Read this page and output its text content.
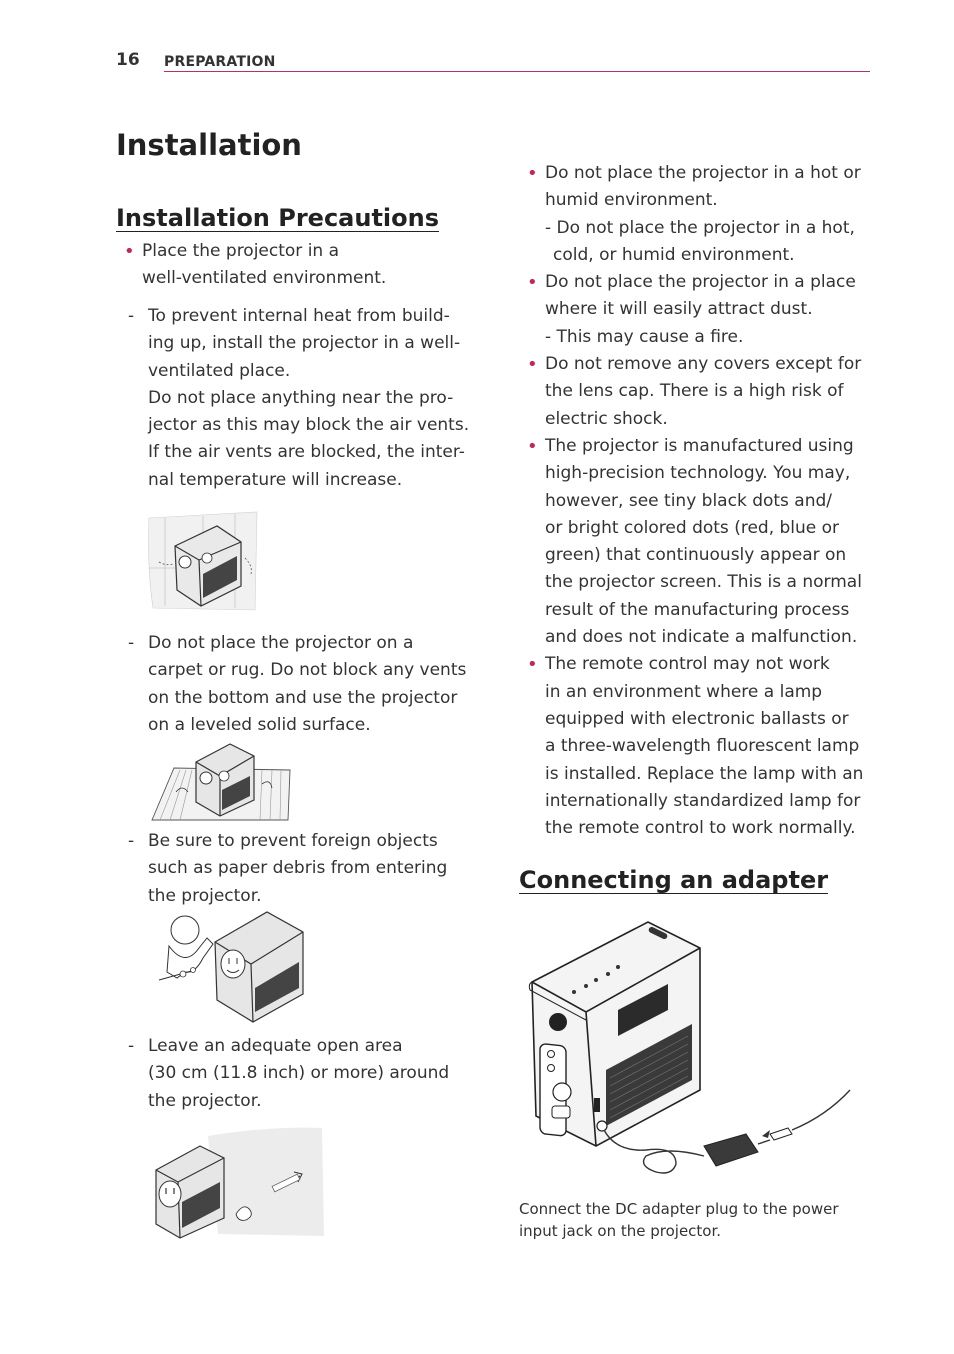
16 PREPARATION
Installation
Installation Precautions
• Place the projector in a
well-ventilated environment.
- To prevent internal heat from build-
ing up, install the projector in a well-
ventilated place.
Do not place anything near the pro-
jector as this may block the air vents.
If the air vents are blocked, the inter-
nal temperature will increase.
- Do not place the projector on a
carpet or rug. Do not block any vents
on the bottom and use the projector
on a leveled solid surface.
- Be sure to prevent foreign objects
such as paper debris from entering
the projector.
- Leave an adequate open area
(30 cm (11.8 inch) or more) around
the projector.
• Do not place the projector in a hot or
humid environment.
- Do not place the projector in a hot,
cold, or humid environment.
• Do not place the projector in a place
where it will easily attract dust.
- This may cause a fire.
• Do not remove any covers except for
the lens cap. There is a high risk of
electric shock.
• The projector is manufactured using
high-precision technology. You may,
however, see tiny black dots and/
or bright colored dots (red, blue or
green) that continuously appear on
the projector screen. This is a normal
result of the manufacturing process
and does not indicate a malfunction.
• The remote control may not work
in an environment where a lamp
equipped with electronic ballasts or
a three-wavelength fluorescent lamp
is installed. Replace the lamp with an
internationally standardized lamp for
the remote control to work normally.
Connecting an adapter
Connect the DC adapter plug to the power
input jack on the projector.
